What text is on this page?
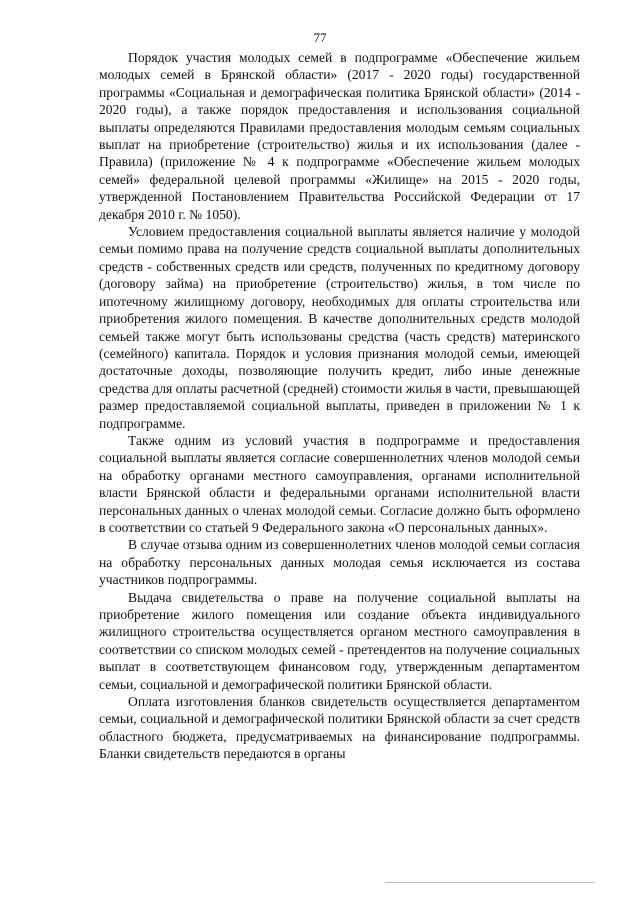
77

Порядок участия молодых семей в подпрограмме «Обеспечение жильем молодых семей в Брянской области» (2017 - 2020 годы) государственной программы «Социальная и демографическая политика Брянской области» (2014 - 2020 годы), а также порядок предоставления и использования социальной выплаты определяются Правилами предоставления молодым семьям социальных выплат на приобретение (строительство) жилья и их использования (далее - Правила) (приложение № 4 к подпрограмме «Обеспечение жильем молодых семей» федеральной целевой программы «Жилище» на 2015 - 2020 годы, утвержденной Постановлением Правительства Российской Федерации от 17 декабря 2010 г. № 1050).

Условием предоставления социальной выплаты является наличие у молодой семьи помимо права на получение средств социальной выплаты дополнительных средств - собственных средств или средств, полученных по кредитному договору (договору займа) на приобретение (строительство) жилья, в том числе по ипотечному жилищному договору, необходимых для оплаты строительства или приобретения жилого помещения. В качестве дополнительных средств молодой семьей также могут быть использованы средства (часть средств) материнского (семейного) капитала. Порядок и условия признания молодой семьи, имеющей достаточные доходы, позволяющие получить кредит, либо иные денежные средства для оплаты расчетной (средней) стоимости жилья в части, превышающей размер предоставляемой социальной выплаты, приведен в приложении № 1 к подпрограмме.

Также одним из условий участия в подпрограмме и предоставления социальной выплаты является согласие совершеннолетних членов молодой семьи на обработку органами местного самоуправления, органами исполнительной власти Брянской области и федеральными органами исполнительной власти персональных данных о членах молодой семьи. Согласие должно быть оформлено в соответствии со статьей 9 Федерального закона «О персональных данных».

В случае отзыва одним из совершеннолетних членов молодой семьи согласия на обработку персональных данных молодая семья исключается из состава участников подпрограммы.

Выдача свидетельства о праве на получение социальной выплаты на приобретение жилого помещения или создание объекта индивидуального жилищного строительства осуществляется органом местного самоуправления в соответствии со списком молодых семей - претендентов на получение социальных выплат в соответствующем финансовом году, утвержденным департаментом семьи, социальной и демографической политики Брянской области.

Оплата изготовления бланков свидетельств осуществляется департаментом семьи, социальной и демографической политики Брянской области за счет средств областного бюджета, предусматриваемых на финансирование подпрограммы. Бланки свидетельств передаются в органы
